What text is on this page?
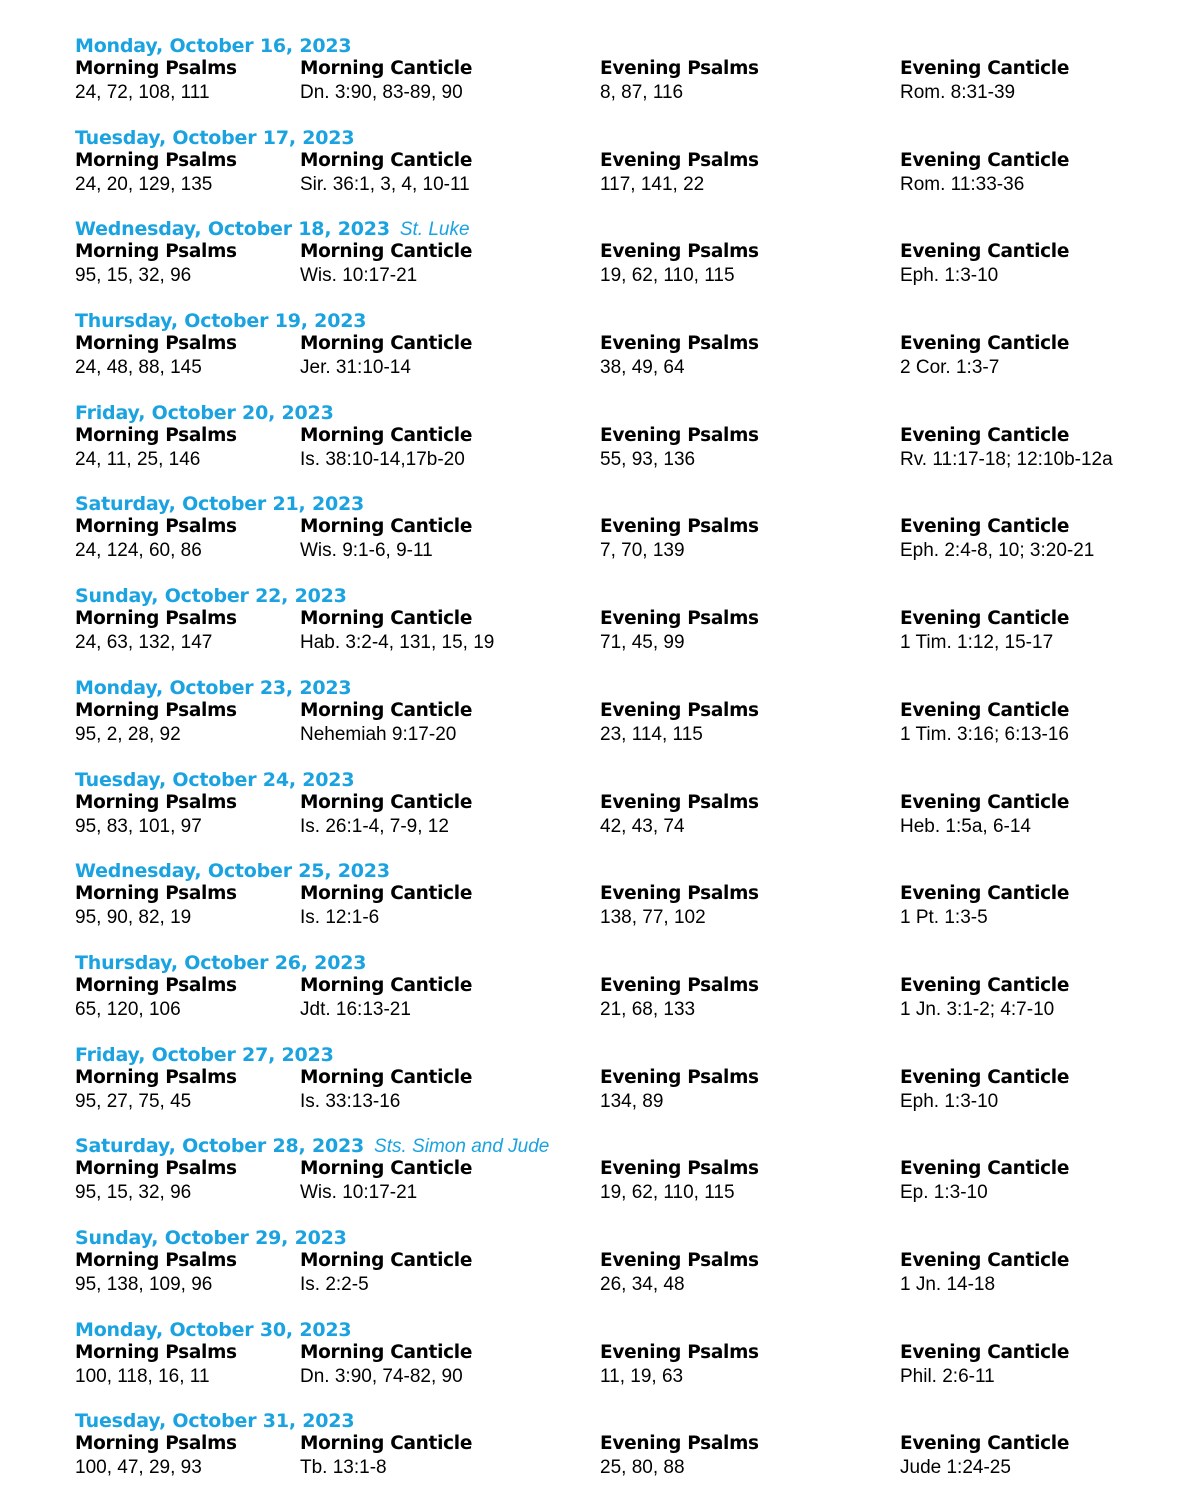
Monday, October 16, 2023
Morning Psalms
24, 72, 108, 111
Morning Canticle
Dn. 3:90, 83-89, 90
Evening Psalms
8, 87, 116
Evening Canticle
Rom. 8:31-39
Tuesday, October 17, 2023
Morning Psalms
24, 20, 129, 135
Morning Canticle
Sir. 36:1, 3, 4, 10-11
Evening Psalms
117, 141, 22
Evening Canticle
Rom. 11:33-36
Wednesday, October 18, 2023 St. Luke
Morning Psalms
95, 15, 32, 96
Morning Canticle
Wis. 10:17-21
Evening Psalms
19, 62, 110, 115
Evening Canticle
Eph. 1:3-10
Thursday, October 19, 2023
Morning Psalms
24, 48, 88, 145
Morning Canticle
Jer. 31:10-14
Evening Psalms
38, 49, 64
Evening Canticle
2 Cor. 1:3-7
Friday, October 20, 2023
Morning Psalms
24, 11, 25, 146
Morning Canticle
Is. 38:10-14,17b-20
Evening Psalms
55, 93, 136
Evening Canticle
Rv. 11:17-18; 12:10b-12a
Saturday, October 21, 2023
Morning Psalms
24, 124, 60, 86
Morning Canticle
Wis. 9:1-6, 9-11
Evening Psalms
7, 70, 139
Evening Canticle
Eph. 2:4-8, 10; 3:20-21
Sunday, October 22, 2023
Morning Psalms
24, 63, 132, 147
Morning Canticle
Hab. 3:2-4, 131, 15, 19
Evening Psalms
71, 45, 99
Evening Canticle
1 Tim. 1:12, 15-17
Monday, October 23, 2023
Morning Psalms
95, 2, 28, 92
Morning Canticle
Nehemiah 9:17-20
Evening Psalms
23, 114, 115
Evening Canticle
1 Tim. 3:16; 6:13-16
Tuesday, October 24, 2023
Morning Psalms
95, 83, 101, 97
Morning Canticle
Is. 26:1-4, 7-9, 12
Evening Psalms
42, 43, 74
Evening Canticle
Heb. 1:5a, 6-14
Wednesday, October 25, 2023
Morning Psalms
95, 90, 82, 19
Morning Canticle
Is. 12:1-6
Evening Psalms
138, 77, 102
Evening Canticle
1 Pt. 1:3-5
Thursday, October 26, 2023
Morning Psalms
65, 120, 106
Morning Canticle
Jdt. 16:13-21
Evening Psalms
21, 68, 133
Evening Canticle
1 Jn. 3:1-2; 4:7-10
Friday, October 27, 2023
Morning Psalms
95, 27, 75, 45
Morning Canticle
Is. 33:13-16
Evening Psalms
134, 89
Evening Canticle
Eph. 1:3-10
Saturday, October 28, 2023 Sts. Simon and Jude
Morning Psalms
95, 15, 32, 96
Morning Canticle
Wis. 10:17-21
Evening Psalms
19, 62, 110, 115
Evening Canticle
Ep. 1:3-10
Sunday, October 29, 2023
Morning Psalms
95, 138, 109, 96
Morning Canticle
Is. 2:2-5
Evening Psalms
26, 34, 48
Evening Canticle
1 Jn. 14-18
Monday, October 30, 2023
Morning Psalms
100, 118, 16, 11
Morning Canticle
Dn. 3:90, 74-82, 90
Evening Psalms
11, 19, 63
Evening Canticle
Phil. 2:6-11
Tuesday, October 31, 2023
Morning Psalms
100, 47, 29, 93
Morning Canticle
Tb. 13:1-8
Evening Psalms
25, 80, 88
Evening Canticle
Jude 1:24-25
